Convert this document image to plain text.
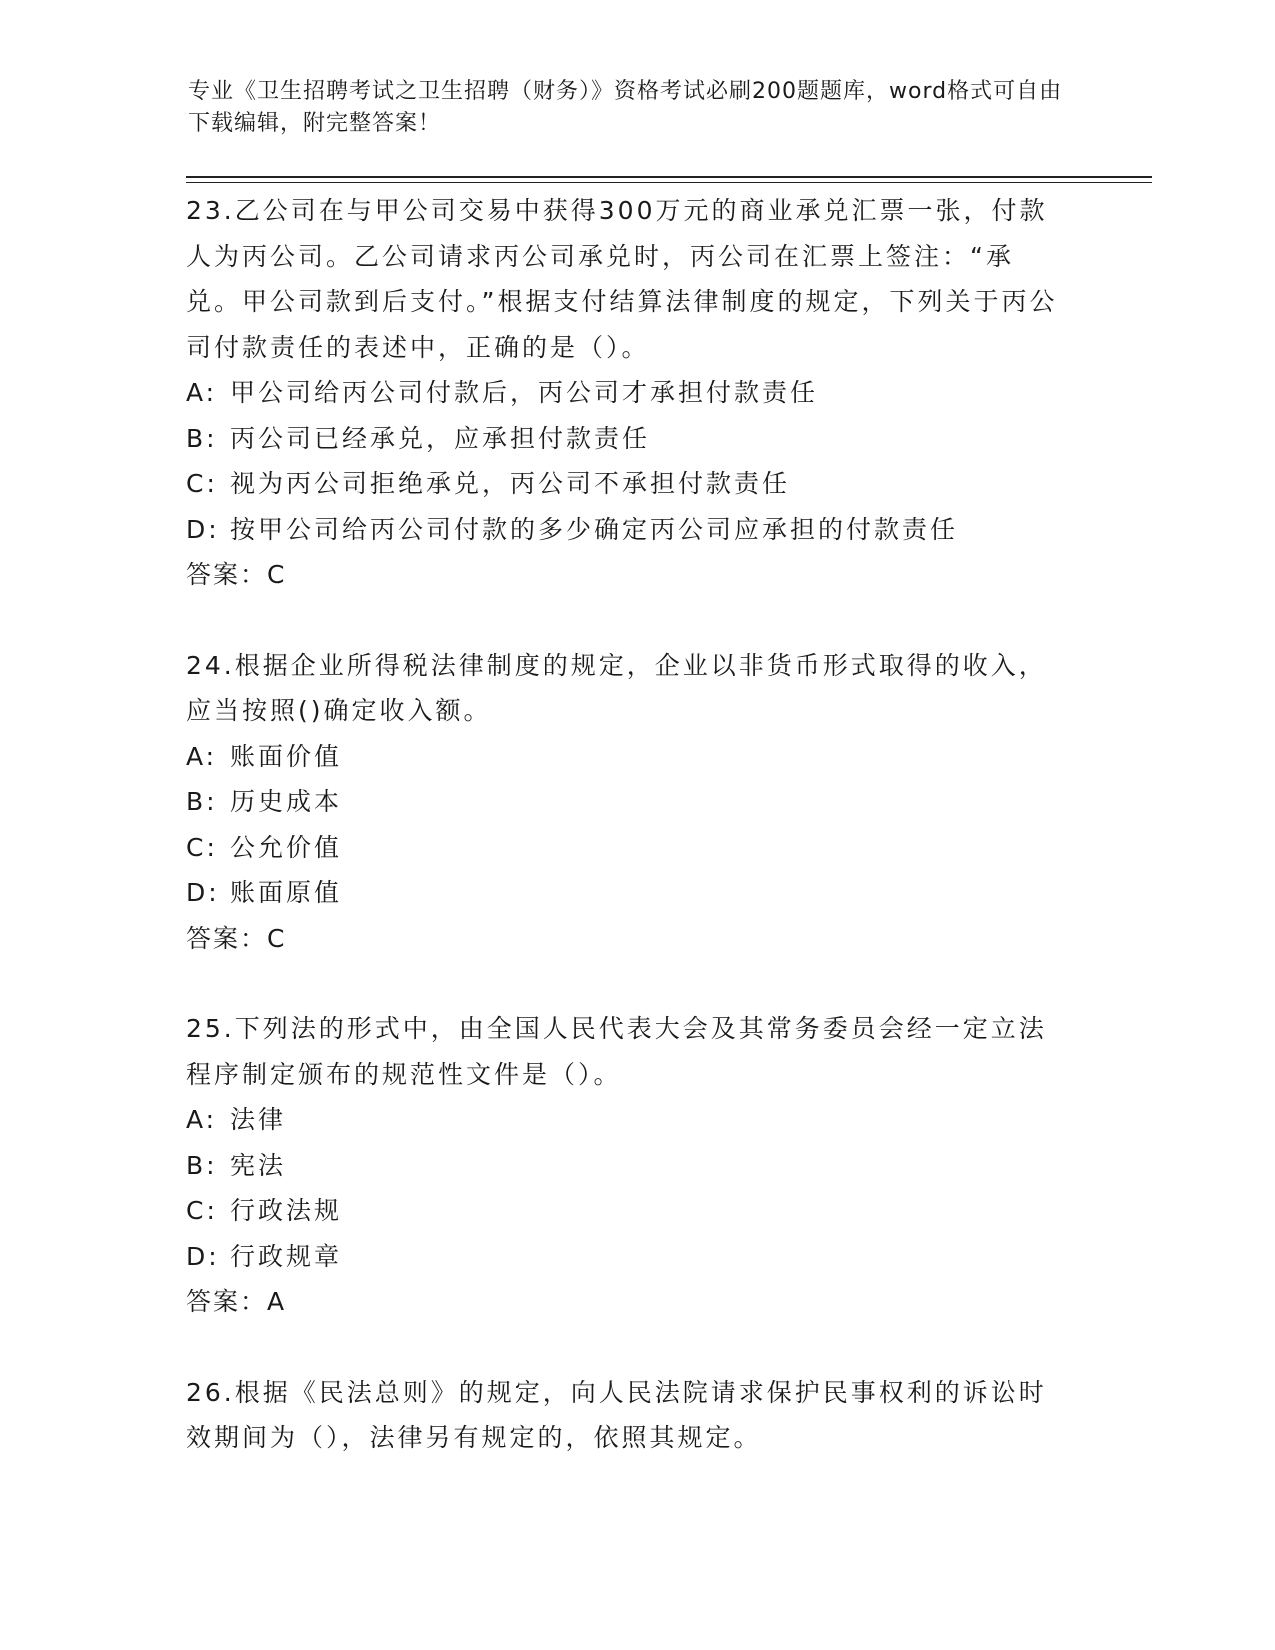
专业《卫生招聘考试之卫生招聘（财务）》资格考试必刷200题题库，word格式可自由下载编辑，附完整答案！

23.乙公司在与甲公司交易中获得300万元的商业承兑汇票一张，付款人为丙公司。乙公司请求丙公司承兑时，丙公司在汇票上签注：“承兑。甲公司款到后支付。”根据支付结算法律制度的规定，下列关于丙公司付款责任的表述中，正确的是（）。

A: 甲公司给丙公司付款后，丙公司才承担付款责任
B: 丙公司已经承兑，应承担付款责任
C: 视为丙公司拒绝承兑，丙公司不承担付款责任
D: 按甲公司给丙公司付款的多少确定丙公司应承担的付款责任
答案：C

24.根据企业所得税法律制度的规定，企业以非货币形式取得的收入，应当按照()确定收入额。

A: 账面价值
B: 历史成本
C: 公允价值
D: 账面原值
答案：C

25.下列法的形式中，由全国人民代表大会及其常务委员会经一定立法程序制定颁布的规范性文件是（）。

A: 法律
B: 宪法
C: 行政法规
D: 行政规章
答案：A

26.根据《民法总则》的规定，向人民法院请求保护民事权利的诉讼时效期间为（），法律另有规定的，依照其规定。
